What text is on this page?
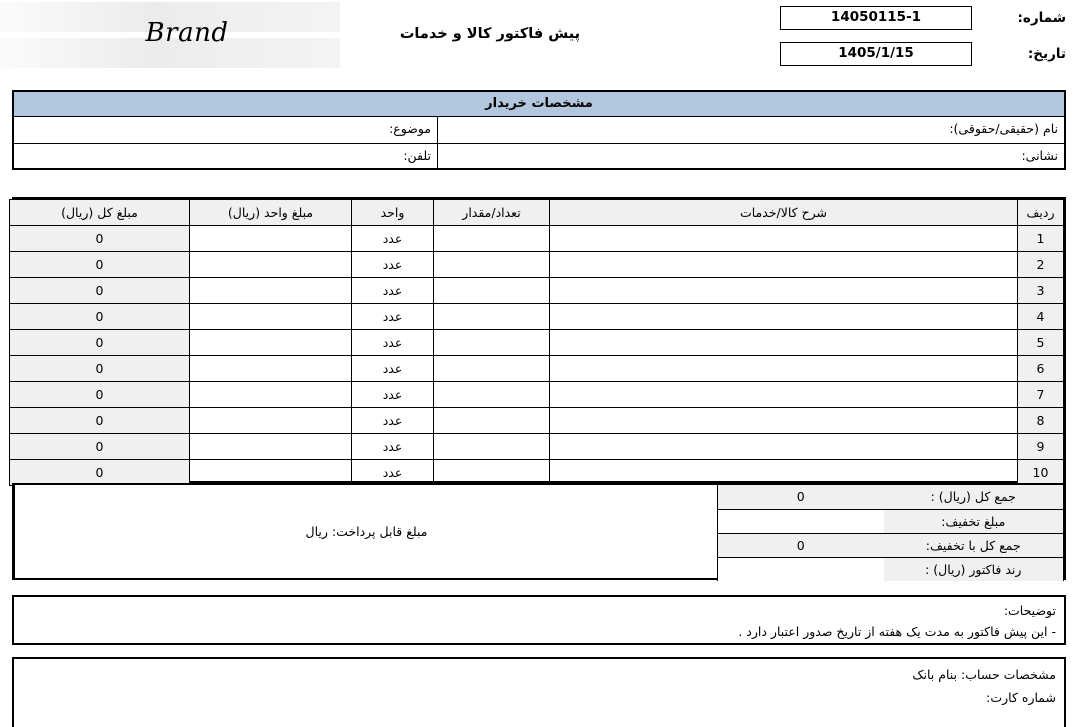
شماره:
14050115-1
تاریخ:
1405/1/15
پیش فاکتور کالا و خدمات
Brand
مشخصات خریدار
نام (حقیقی/حقوقی):
موضوع:
نشانی:
تلفن:
ردیف	شرح کالا/خدمات	تعداد/مقدار	واحد	مبلغ واحد (ریال)	مبلغ کل (ریال)
1			عدد		0
2			عدد		0
3			عدد		0
4			عدد		0
5			عدد		0
6			عدد		0
7			عدد		0
8			عدد		0
9			عدد		0
10			عدد		0
جمع کل (ریال) :	0
مبلغ تخفیف:	
جمع کل با تخفیف:	0
رند فاکتور (ریال) :	
مبلغ قابل پرداخت: ریال
توضیحات:
- این پیش فاکتور به مدت یک هفته از تاریخ صدور اعتبار دارد .
مشخصات حساب: بنام بانک
شماره کارت:
